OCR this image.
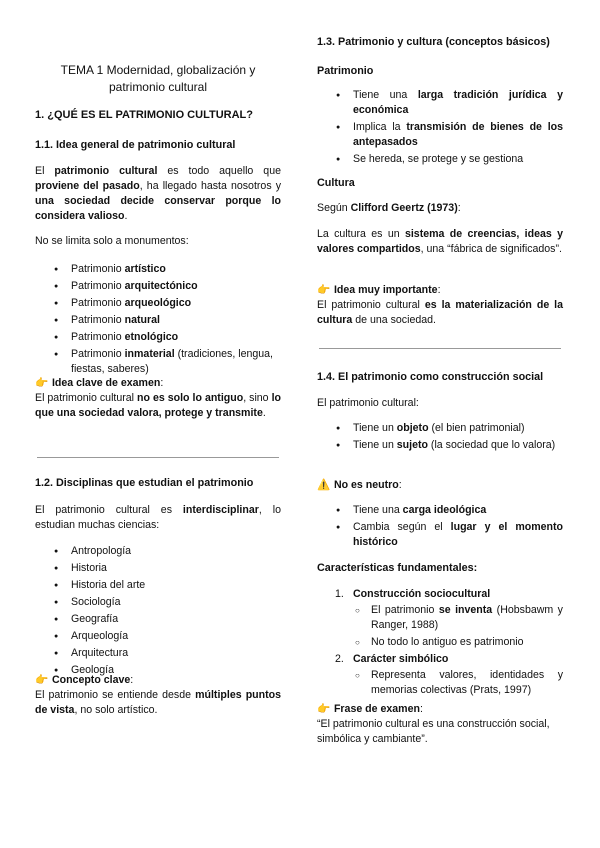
TEMA 1 Modernidad, globalización y patrimonio cultural
1. ¿QUÉ ES EL PATRIMONIO CULTURAL?
1.1. Idea general de patrimonio cultural
El patrimonio cultural es todo aquello que proviene del pasado, ha llegado hasta nosotros y una sociedad decide conservar porque lo considera valioso.
No se limita solo a monumentos:
● Patrimonio artístico
● Patrimonio arquitectónico
● Patrimonio arqueológico
● Patrimonio natural
● Patrimonio etnológico
● Patrimonio inmaterial (tradiciones, lengua, fiestas, saberes)
👉 Idea clave de examen:
El patrimonio cultural no es solo lo antiguo, sino lo que una sociedad valora, protege y transmite.
1.2. Disciplinas que estudian el patrimonio
El patrimonio cultural es interdisciplinar, lo estudian muchas ciencias:
● Antropología
● Historia
● Historia del arte
● Sociología
● Geografía
● Arqueología
● Arquitectura
● Geología
👉 Concepto clave:
El patrimonio se entiende desde múltiples puntos de vista, no solo artístico.
1.3. Patrimonio y cultura (conceptos básicos)
Patrimonio
● Tiene una larga tradición jurídica y económica
● Implica la transmisión de bienes de los antepasados
● Se hereda, se protege y se gestiona
Cultura
Según Clifford Geertz (1973):
La cultura es un sistema de creencias, ideas y valores compartidos, una “fábrica de significados”.
👉 Idea muy importante:
El patrimonio cultural es la materialización de la cultura de una sociedad.
1.4. El patrimonio como construcción social
El patrimonio cultural:
● Tiene un objeto (el bien patrimonial)
● Tiene un sujeto (la sociedad que lo valora)
⚠️ No es neutro:
● Tiene una carga ideológica
● Cambia según el lugar y el momento histórico
Características fundamentales:
1. Construcción sociocultural
○ El patrimonio se inventa (Hobsbawm y Ranger, 1988)
○ No todo lo antiguo es patrimonio
2. Carácter simbólico
○ Representa valores, identidades y memorias colectivas (Prats, 1997)
👉 Frase de examen:
“El patrimonio cultural es una construcción social, simbólica y cambiante”.
